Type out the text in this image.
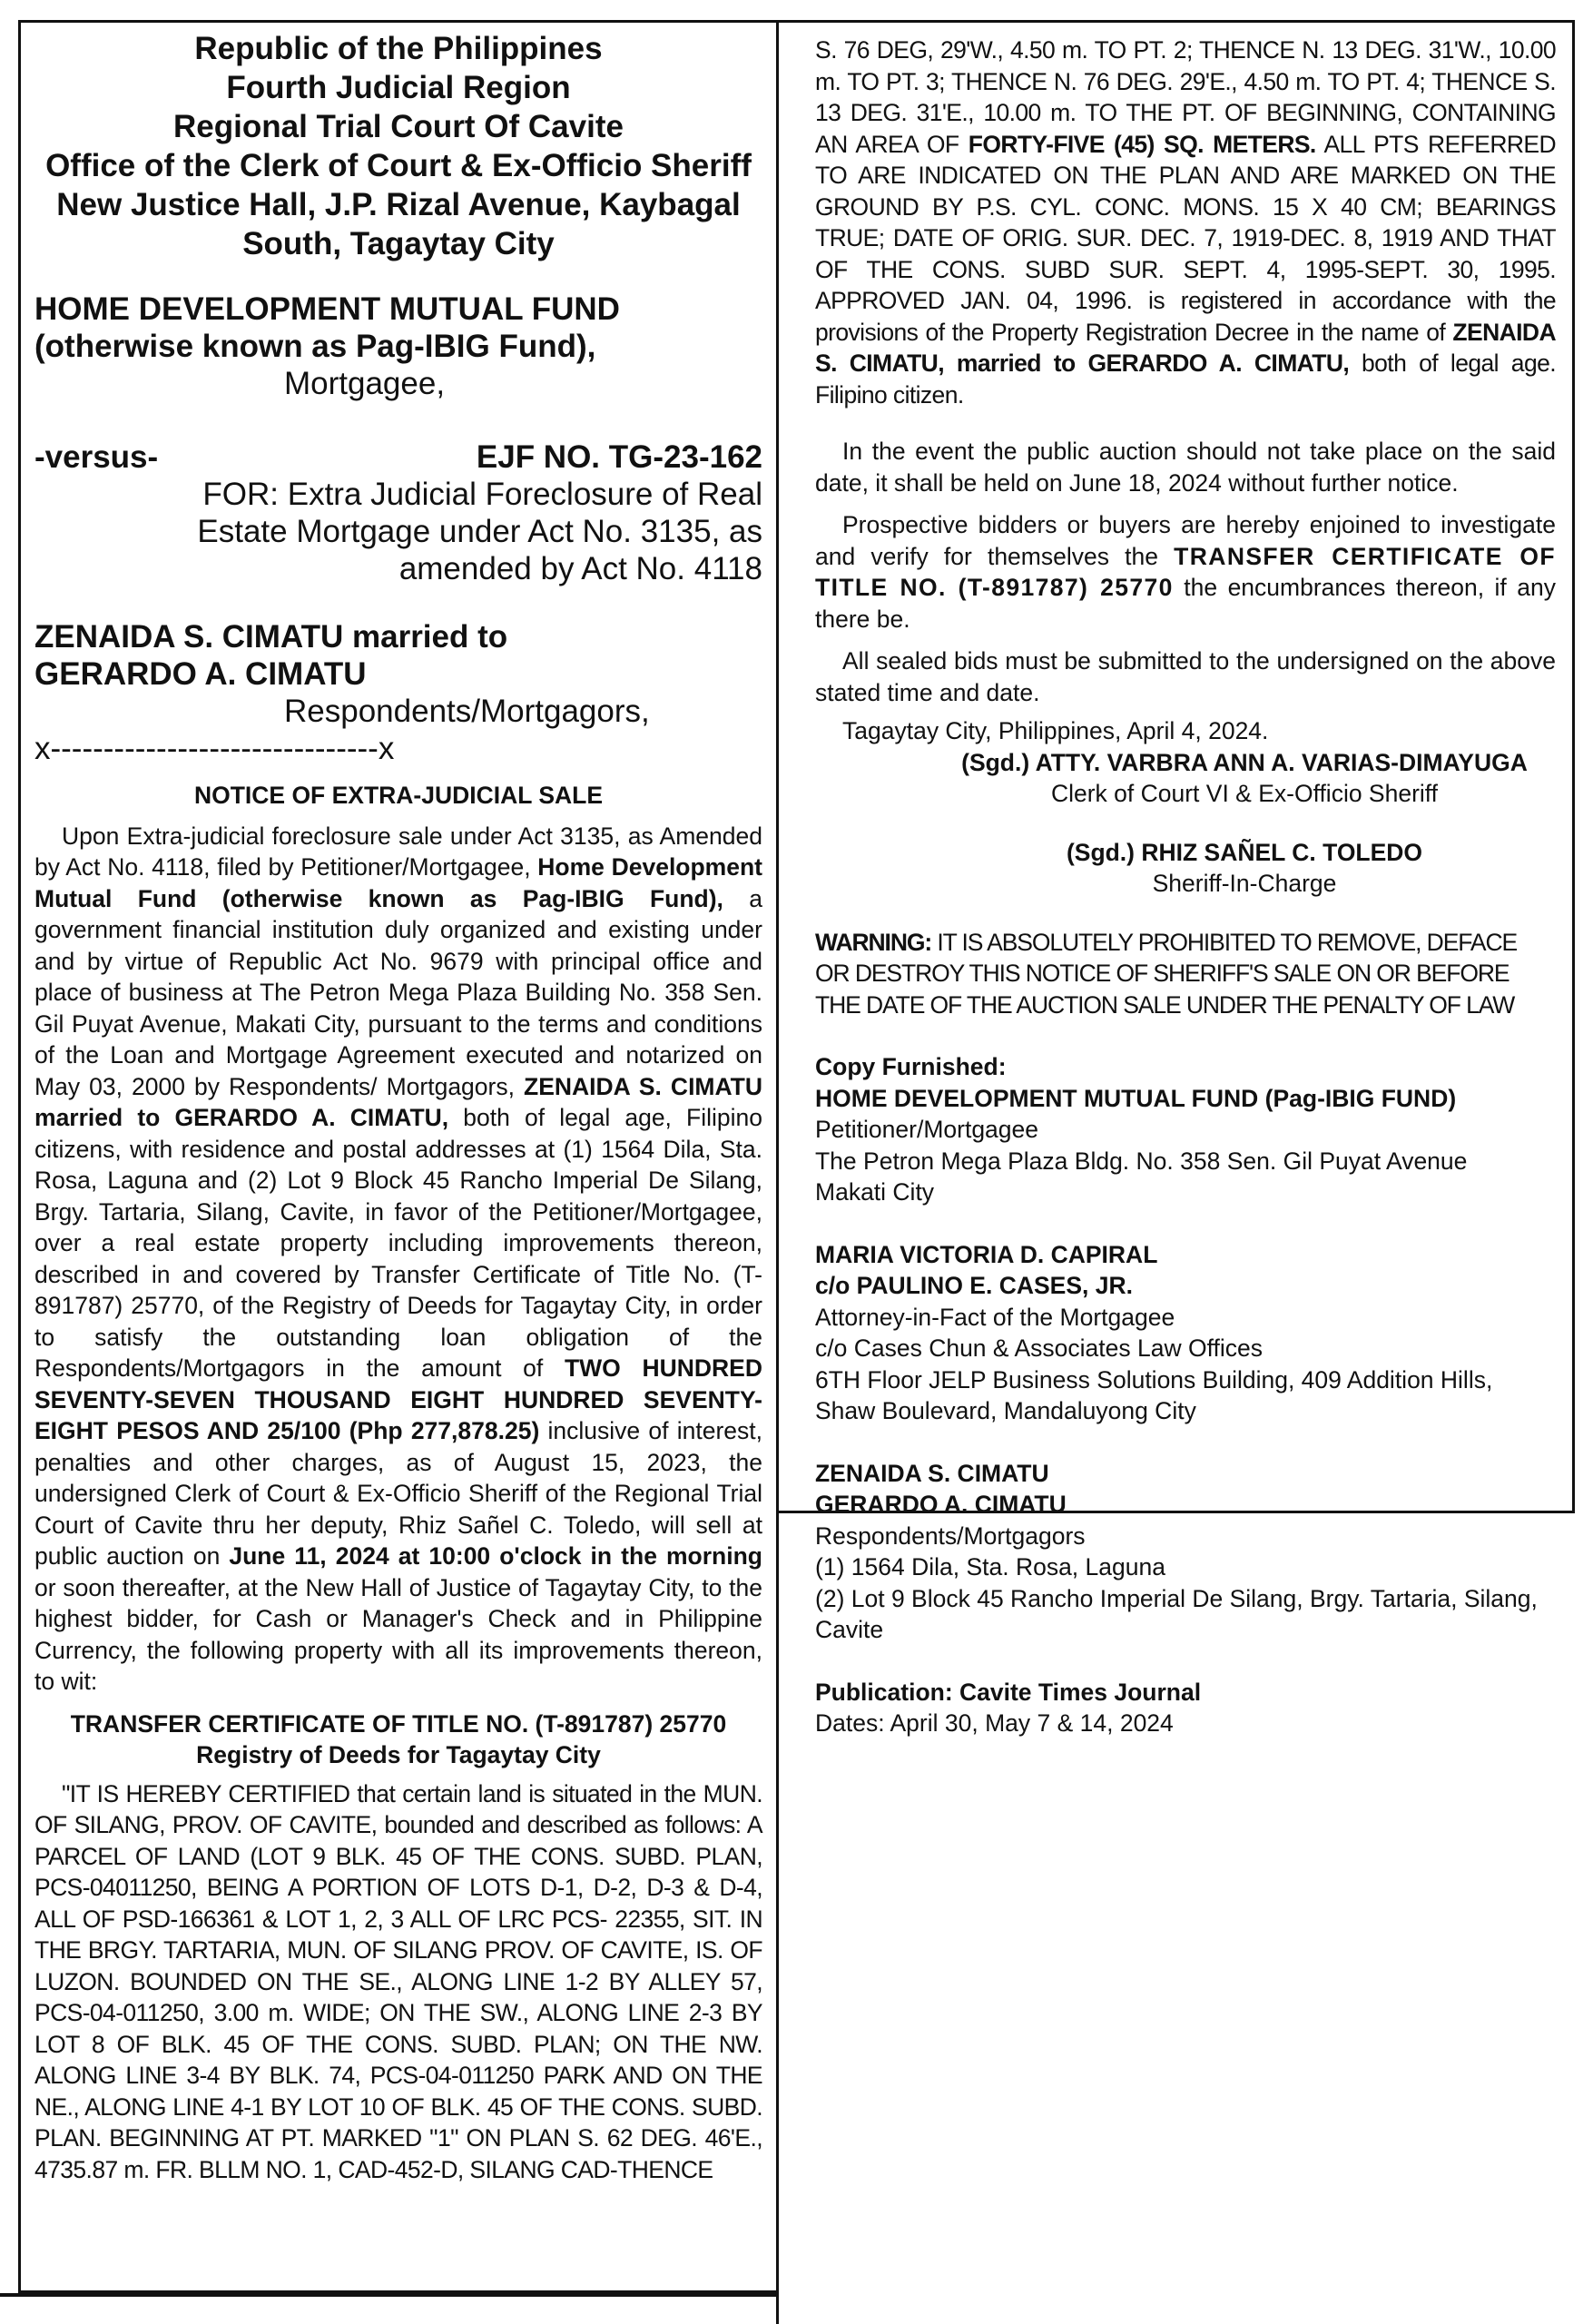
Republic of the Philippines
Fourth Judicial Region
Regional Trial Court Of Cavite
Office of the Clerk of Court & Ex-Officio Sheriff
New Justice Hall, J.P. Rizal Avenue, Kaybagal
South, Tagaytay City
HOME DEVELOPMENT MUTUAL FUND
(otherwise known as Pag-IBIG Fund),
Mortgagee,
-versus-	EJF NO. TG-23-162
FOR: Extra Judicial Foreclosure of Real
Estate Mortgage under Act No. 3135, as
amended by Act No. 4118
ZENAIDA S. CIMATU married to
GERARDO A. CIMATU
Respondents/Mortgagors,
x-------------------------------x
NOTICE OF EXTRA-JUDICIAL SALE

Upon Extra-judicial foreclosure sale under Act 3135, as Amended by Act No. 4118, filed by Petitioner/Mortgagee, Home Development Mutual Fund (otherwise known as Pag-IBIG Fund), a government financial institution duly organized and existing under and by virtue of Republic Act No. 9679 with principal office and place of business at The Petron Mega Plaza Building No. 358 Sen. Gil Puyat Avenue, Makati City, pursuant to the terms and conditions of the Loan and Mortgage Agreement executed and notarized on May 03, 2000 by Respondents/ Mortgagors, ZENAIDA S. CIMATU married to GERARDO A. CIMATU, both of legal age, Filipino citizens, with residence and postal addresses at (1) 1564 Dila, Sta. Rosa, Laguna and (2) Lot 9 Block 45 Rancho Imperial De Silang, Brgy. Tartaria, Silang, Cavite, in favor of the Petitioner/Mortgagee, over a real estate property including improvements thereon, described in and covered by Transfer Certificate of Title No. (T-891787) 25770, of the Registry of Deeds for Tagaytay City, in order to satisfy the outstanding loan obligation of the Respondents/Mortgagors in the amount of TWO HUNDRED SEVENTY-SEVEN THOUSAND EIGHT HUNDRED SEVENTY-EIGHT PESOS AND 25/100 (Php 277,878.25) inclusive of interest, penalties and other charges, as of August 15, 2023, the undersigned Clerk of Court & Ex-Officio Sheriff of the Regional Trial Court of Cavite thru her deputy, Rhiz Sañel C. Toledo, will sell at public auction on June 11, 2024 at 10:00 o'clock in the morning or soon thereafter, at the New Hall of Justice of Tagaytay City, to the highest bidder, for Cash or Manager's Check and in Philippine Currency, the following property with all its improvements thereon, to wit:

TRANSFER CERTIFICATE OF TITLE NO. (T-891787) 25770
Registry of Deeds for Tagaytay City

"IT IS HEREBY CERTIFIED that certain land is situated in the MUN. OF SILANG, PROV. OF CAVITE, bounded and described as follows: A PARCEL OF LAND (LOT 9 BLK. 45 OF THE CONS. SUBD. PLAN, PCS-04011250, BEING A PORTION OF LOTS D-1, D-2, D-3 & D-4, ALL OF PSD-166361 & LOT 1, 2, 3 ALL OF LRC PCS- 22355, SIT. IN THE BRGY. TARTARIA, MUN. OF SILANG PROV. OF CAVITE, IS. OF LUZON. BOUNDED ON THE SE., ALONG LINE 1-2 BY ALLEY 57, PCS-04-011250, 3.00 m. WIDE; ON THE SW., ALONG LINE 2-3 BY LOT 8 OF BLK. 45 OF THE CONS. SUBD. PLAN; ON THE NW. ALONG LINE 3-4 BY BLK. 74, PCS-04-011250 PARK AND ON THE NE., ALONG LINE 4-1 BY LOT 10 OF BLK. 45 OF THE CONS. SUBD. PLAN. BEGINNING AT PT. MARKED "1" ON PLAN S. 62 DEG. 46'E., 4735.87 m. FR. BLLM NO. 1, CAD-452-D, SILANG CAD-THENCE

S. 76 DEG, 29'W., 4.50 m. TO PT. 2; THENCE N. 13 DEG. 31'W., 10.00 m. TO PT. 3; THENCE N. 76 DEG. 29'E., 4.50 m. TO PT. 4; THENCE S. 13 DEG. 31'E., 10.00 m. TO THE PT. OF BEGINNING, CONTAINING AN AREA OF FORTY-FIVE (45) SQ. METERS. ALL PTS REFERRED TO ARE INDICATED ON THE PLAN AND ARE MARKED ON THE GROUND BY P.S. CYL. CONC. MONS. 15 X 40 CM; BEARINGS TRUE; DATE OF ORIG. SUR. DEC. 7, 1919-DEC. 8, 1919 AND THAT OF THE CONS. SUBD SUR. SEPT. 4, 1995-SEPT. 30, 1995. APPROVED JAN. 04, 1996. is registered in accordance with the provisions of the Property Registration Decree in the name of ZENAIDA S. CIMATU, married to GERARDO A. CIMATU, both of legal age. Filipino citizen.

In the event the public auction should not take place on the said date, it shall be held on June 18, 2024 without further notice.

Prospective bidders or buyers are hereby enjoined to investigate and verify for themselves the TRANSFER CERTIFICATE OF TITLE NO. (T-891787) 25770 the encumbrances thereon, if any there be.

All sealed bids must be submitted to the undersigned on the above stated time and date.

Tagaytay City, Philippines, April 4, 2024.

(Sgd.) ATTY. VARBRA ANN A. VARIAS-DIMAYUGA
Clerk of Court VI & Ex-Officio Sheriff
(Sgd.) RHIZ SAÑEL C. TOLEDO
Sheriff-In-Charge

WARNING: IT IS ABSOLUTELY PROHIBITED TO REMOVE, DEFACE OR DESTROY THIS NOTICE OF SHERIFF'S SALE ON OR BEFORE THE DATE OF THE AUCTION SALE UNDER THE PENALTY OF LAW

Copy Furnished:
HOME DEVELOPMENT MUTUAL FUND (Pag-IBIG FUND)
Petitioner/Mortgagee
The Petron Mega Plaza Bldg. No. 358 Sen. Gil Puyat Avenue
Makati City
MARIA VICTORIA D. CAPIRAL
c/o PAULINO E. CASES, JR.
Attorney-in-Fact of the Mortgagee
c/o Cases Chun & Associates Law Offices
6TH Floor JELP Business Solutions Building, 409 Addition Hills, Shaw Boulevard, Mandaluyong City
ZENAIDA S. CIMATU
GERARDO A. CIMATU
Respondents/Mortgagors
(1) 1564 Dila, Sta. Rosa, Laguna
(2) Lot 9 Block 45 Rancho Imperial De Silang, Brgy. Tartaria, Silang, Cavite
Publication: Cavite Times Journal
Dates: April 30, May 7 & 14, 2024
